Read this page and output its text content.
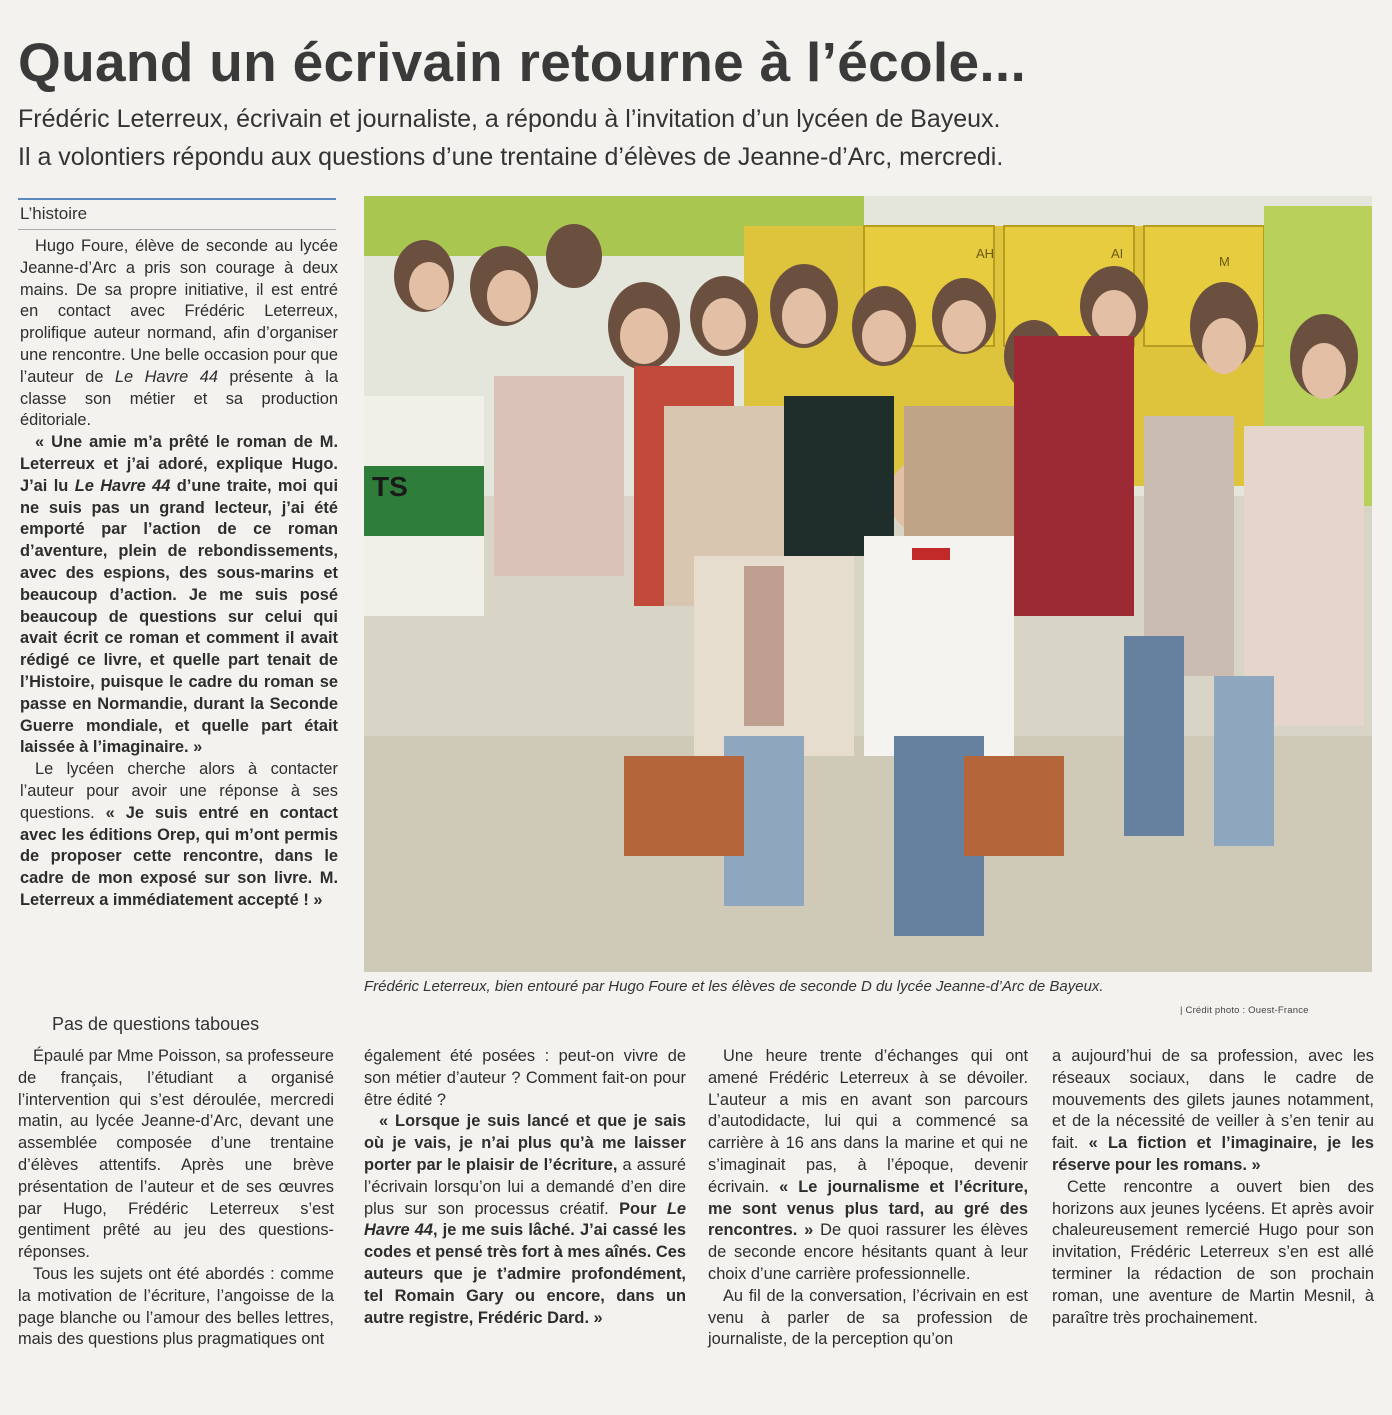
Quand un écrivain retourne à l’école...
Frédéric Leterreux, écrivain et journaliste, a répondu à l’invitation d’un lycéen de Bayeux.
Il a volontiers répondu aux questions d’une trentaine d’élèves de Jeanne-d’Arc, mercredi.
L’histoire

Hugo Foure, élève de seconde au lycée Jeanne-d’Arc a pris son courage à deux mains. De sa propre initiative, il est entré en contact avec Frédéric Leterreux, prolifique auteur normand, afin d’organiser une rencontre. Une belle occasion pour que l’auteur de Le Havre 44 présente à la classe son métier et sa production éditoriale.

« Une amie m’a prêté le roman de M. Leterreux et j’ai adoré, explique Hugo. J’ai lu Le Havre 44 d’une traite, moi qui ne suis pas un grand lecteur, j’ai été emporté par l’action de ce roman d’aventure, plein de rebondissements, avec des espions, des sous-marins et beaucoup d’action. Je me suis posé beaucoup de questions sur celui qui avait écrit ce roman et comment il avait rédigé ce livre, et quelle part tenait de l’Histoire, puisque le cadre du roman se passe en Normandie, durant la Seconde Guerre mondiale, et quelle part était laissée à l’imaginaire. »

Le lycéen cherche alors à contacter l’auteur pour avoir une réponse à ses questions. « Je suis entré en contact avec les éditions Orep, qui m’ont permis de proposer cette rencontre, dans le cadre de mon exposé sur son livre. M. Leterreux a immédiatement accepté ! »

AH	AI
M
TS
Frédéric Leterreux, bien entouré par Hugo Foure et les élèves de seconde D du lycée Jeanne-d’Arc de Bayeux.
| Crédit photo : Ouest-France
Pas de questions taboues

Épaulé par Mme Poisson, sa professeure de français, l’étudiant a organisé l’intervention qui s’est déroulée, mercredi matin, au lycée Jeanne-d’Arc, devant une assemblée composée d’une trentaine d’élèves attentifs. Après une brève présentation de l’auteur et de ses œuvres par Hugo, Frédéric Leterreux s’est gentiment prêté au jeu des questions-réponses.

Tous les sujets ont été abordés : comme la motivation de l’écriture, l’angoisse de la page blanche ou l’amour des belles lettres, mais des questions plus pragmatiques ont

également été posées : peut-on vivre de son métier d’auteur ? Comment fait-on pour être édité ?

« Lorsque je suis lancé et que je sais où je vais, je n’ai plus qu’à me laisser porter par le plaisir de l’écriture, a assuré l’écrivain lorsqu’on lui a demandé d’en dire plus sur son processus créatif. Pour Le Havre 44, je me suis lâché. J’ai cassé les codes et pensé très fort à mes aînés. Ces auteurs que je t’admire profondément, tel Romain Gary ou encore, dans un autre registre, Frédéric Dard. »

Une heure trente d’échanges qui ont amené Frédéric Leterreux à se dévoiler. L’auteur a mis en avant son parcours d’autodidacte, lui qui a commencé sa carrière à 16 ans dans la marine et qui ne s’imaginait pas, à l’époque, devenir écrivain. « Le journalisme et l’écriture, me sont venus plus tard, au gré des rencontres. » De quoi rassurer les élèves de seconde encore hésitants quant à leur choix d’une carrière professionnelle.

Au fil de la conversation, l’écrivain en est venu à parler de sa profession de journaliste, de la perception qu’on

a aujourd’hui de sa profession, avec les réseaux sociaux, dans le cadre de mouvements des gilets jaunes notamment, et de la nécessité de veiller à s’en tenir au fait. « La fiction et l’imaginaire, je les réserve pour les romans. »

Cette rencontre a ouvert bien des horizons aux jeunes lycéens. Et après avoir chaleureusement remercié Hugo pour son invitation, Frédéric Leterreux s’en est allé terminer la rédaction de son prochain roman, une aventure de Martin Mesnil, à paraître très prochainement.
